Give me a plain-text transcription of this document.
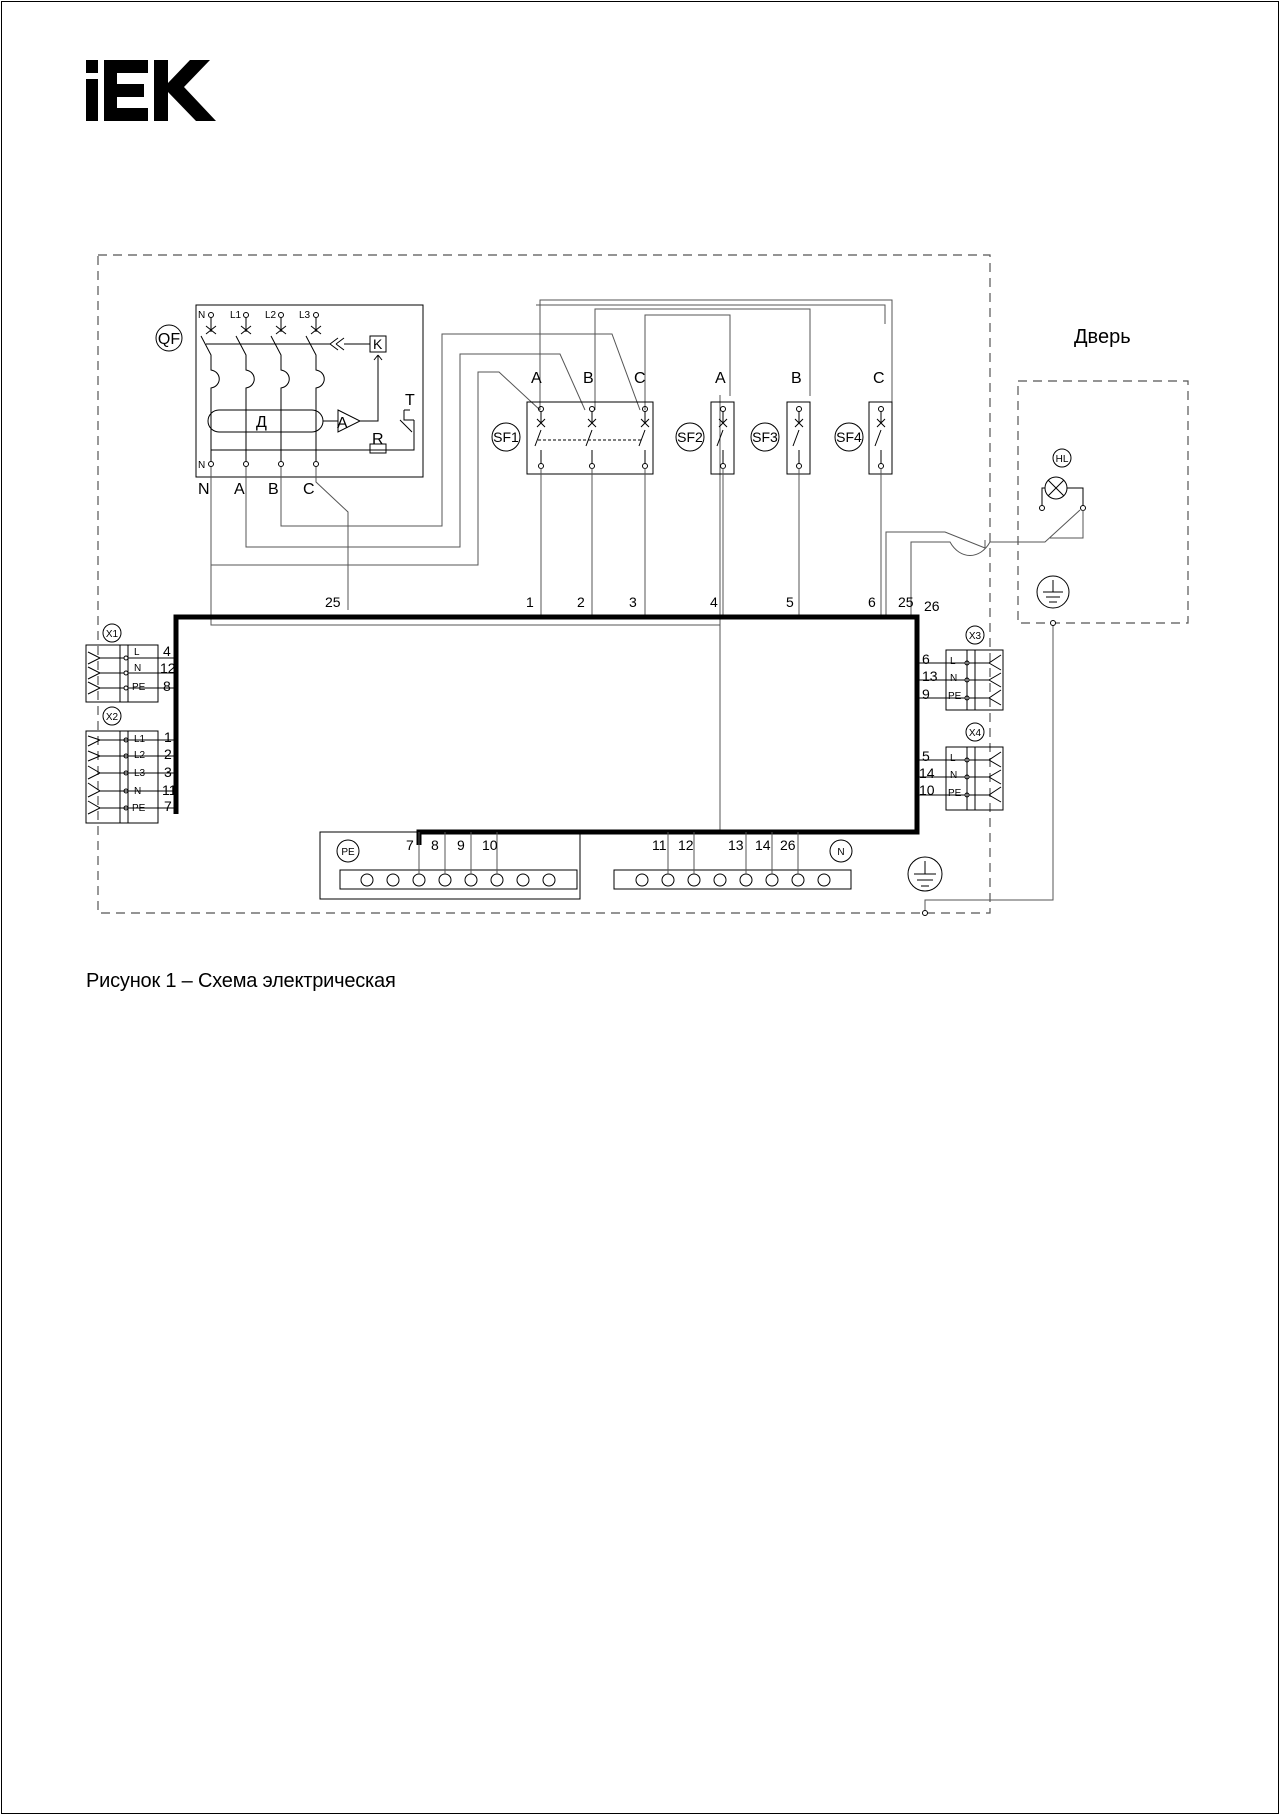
Дверь
QF
N L1 L2 L3
N
Д	A
K
R
T
N A B C
SF1
A	B	C
SF2
A
SF3
B
SF4
C
HL
25	1	2	3	4	5	6 25 26
X1
L
N
PE
4
12
8
X2
L1
L2
L3
N
PE
1
2
3
11
7
X3
L
N
PE
6
13
9
X4
L
N
PE
5
14
10
PE	7 8 9 10	N
11 12 13 14 26
Рисунок 1 – Схема электрическая
